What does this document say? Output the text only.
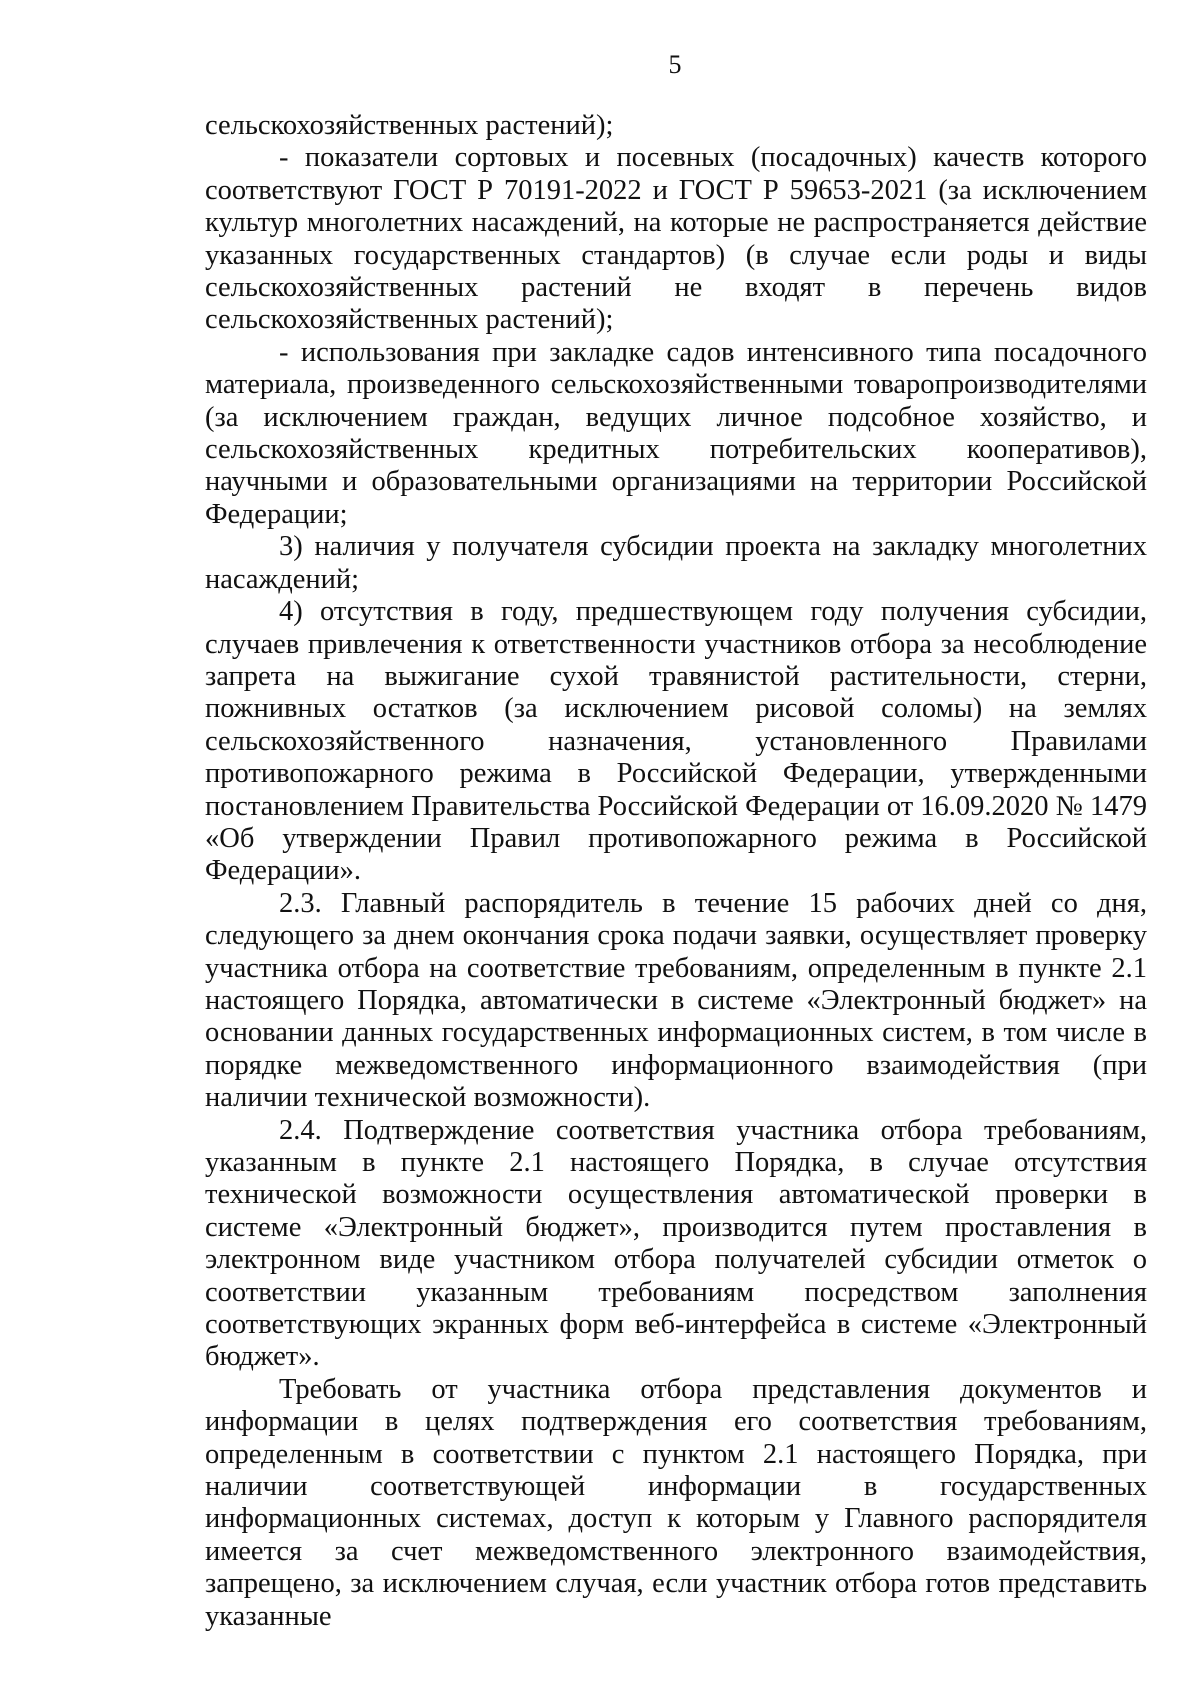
5

сельскохозяйственных растений);

- показатели сортовых и посевных (посадочных) качеств которого соответствуют ГОСТ Р 70191-2022 и ГОСТ Р 59653-2021 (за исключением культур многолетних насаждений, на которые не распространяется действие указанных государственных стандартов) (в случае если роды и виды сельскохозяйственных растений не входят в перечень видов сельскохозяйственных растений);

- использования при закладке садов интенсивного типа посадочного материала, произведенного сельскохозяйственными товаропроизводителями (за исключением граждан, ведущих личное подсобное хозяйство, и сельскохозяйственных кредитных потребительских кооперативов), научными и образовательными организациями на территории Российской Федерации;

3) наличия у получателя субсидии проекта на закладку многолетних насаждений;

4) отсутствия в году, предшествующем году получения субсидии, случаев привлечения к ответственности участников отбора за несоблюдение запрета на выжигание сухой травянистой растительности, стерни, пожнивных остатков (за исключением рисовой соломы) на землях сельскохозяйственного назначения, установленного Правилами противопожарного режима в Российской Федерации, утвержденными постановлением Правительства Российской Федерации от 16.09.2020 № 1479 «Об утверждении Правил противопожарного режима в Российской Федерации».

2.3. Главный распорядитель в течение 15 рабочих дней со дня, следующего за днем окончания срока подачи заявки, осуществляет проверку участника отбора на соответствие требованиям, определенным в пункте 2.1 настоящего Порядка, автоматически в системе «Электронный бюджет» на основании данных государственных информационных систем, в том числе в порядке межведомственного информационного взаимодействия (при наличии технической возможности).

2.4. Подтверждение соответствия участника отбора требованиям, указанным в пункте 2.1 настоящего Порядка, в случае отсутствия технической возможности осуществления автоматической проверки в системе «Электронный бюджет», производится путем проставления в электронном виде участником отбора получателей субсидии отметок о соответствии указанным требованиям посредством заполнения соответствующих экранных форм веб-интерфейса в системе «Электронный бюджет».

Требовать от участника отбора представления документов и информации в целях подтверждения его соответствия требованиям, определенным в соответствии с пунктом 2.1 настоящего Порядка, при наличии соответствующей информации в государственных информационных системах, доступ к которым у Главного распорядителя имеется за счет межведомственного электронного взаимодействия, запрещено, за исключением случая, если участник отбора готов представить указанные
